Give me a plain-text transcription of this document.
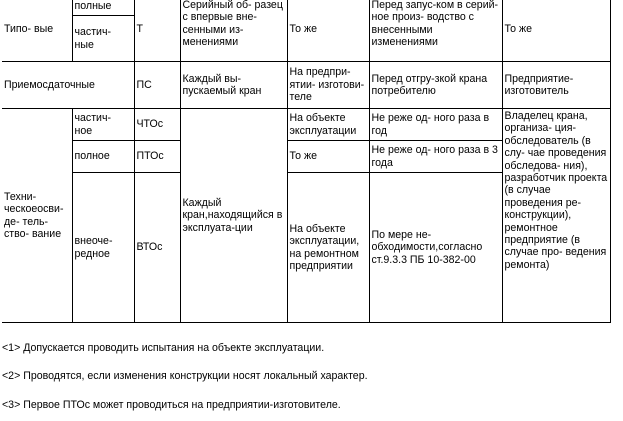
Типо- вые	полные	Т	Серийный об- разец с впервые вне-сенными из- менениями	То же	Перед запус-ком в серий-ное произ- водство с внесенными изменениями	То же
	частич- ные					
Приемосдаточные		ПС	Каждый вы- пускаемый кран	На предпри- ятии- изготови-теле	Перед отгру-зкой крана потребителю	Предприятие- изготовитель
Техни- ческоеосви- де- тель- ство- вание	частич- ное	ЧТОс	Каждый кран,находящийся в эксплуата-ции	На объекте эксплуатации	Не реже од- ного раза в год	Владелец крана, организа- ция- обследователь (в слу- чае проведения обследова- ния), разработчик проекта (в случае проведения ре- конструкции), ремонтное предприятие (в случае про- ведения ремонта)
	полное	ПТОс		То же	Не реже од- ного раза в 3 года	
	внеоче- редное	ВТОс		На объекте эксплуатации, на ремонтном предприятии	По мере не- обходимости,согласно ст.9.3.3 ПБ 10-382-00	
<1> Допускается проводить испытания на объекте эксплуатации.
<2> Проводятся, если изменения конструкции носят локальный характер.
<3> Первое ПТОс может проводиться на предприятии-изготовителе.
